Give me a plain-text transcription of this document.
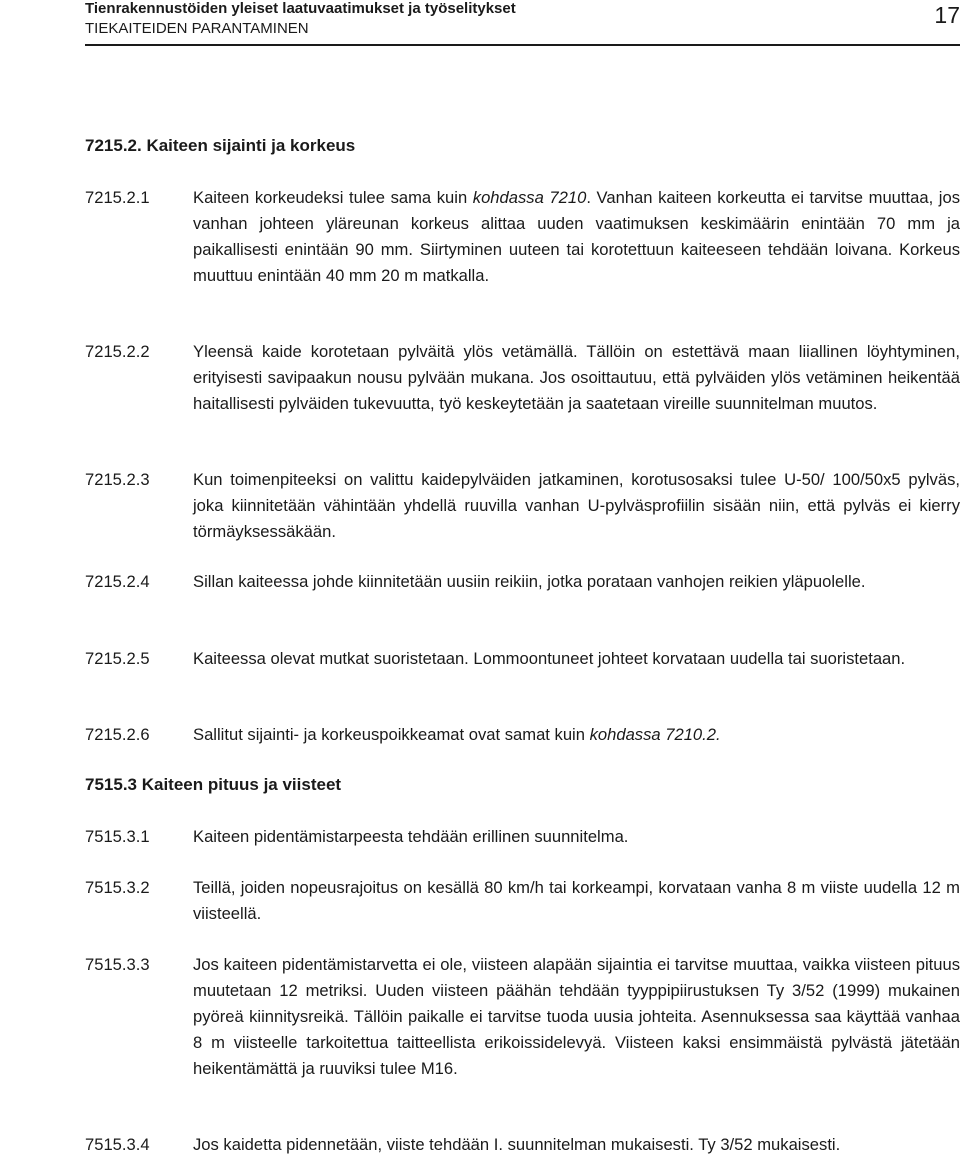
Tienrakennustöiden yleiset laatuvaatimukset ja työselitykset
TIEKAITEIDEN PARANTAMINEN
17
7215.2. Kaiteen sijainti ja korkeus
7215.2.1	Kaiteen korkeudeksi tulee sama kuin kohdassa 7210. Vanhan kaiteen korkeutta ei tarvitse muuttaa, jos vanhan johteen yläreunan korkeus alittaa uuden vaatimuksen keskimäärin enintään 70 mm ja paikallisesti enintään 90 mm. Siirtyminen uuteen tai korotettuun kaiteeseen tehdään loivana. Korkeus muuttuu enintään 40 mm 20 m matkalla.
7215.2.2	Yleensä kaide korotetaan pylväitä ylös vetämällä. Tällöin on estettävä maan liiallinen löyhtyminen, erityisesti savipaakun nousu pylvään mukana. Jos osoittautuu, että pylväiden ylös vetäminen heikentää haitallisesti pylväiden tukevuutta, työ keskeytetään ja saatetaan vireille suunnitelman muutos.
7215.2.3	Kun toimenpiteeksi on valittu kaidepylväiden jatkaminen, korotusosaksi tulee U-50/ 100/50x5 pylväs, joka kiinnitetään vähintään yhdellä ruuvilla vanhan U-pylväsprofiilin sisään niin, että pylväs ei kierry törmäyksessäkään.
7215.2.4	Sillan kaiteessa johde kiinnitetään uusiin reikiin, jotka porataan vanhojen reikien yläpuolelle.
7215.2.5	Kaiteessa olevat mutkat suoristetaan. Lommoontuneet johteet korvataan uudella tai suoristetaan.
7215.2.6	Sallitut sijainti- ja korkeuspoikkeamat ovat samat kuin kohdassa 7210.2.
7515.3 Kaiteen pituus ja viisteet
7515.3.1	Kaiteen pidentämistarpeesta tehdään erillinen suunnitelma.
7515.3.2	Teillä, joiden nopeusrajoitus on kesällä 80 km/h tai korkeampi, korvataan vanha 8 m viiste uudella 12 m viisteellä.
7515.3.3	Jos kaiteen pidentämistarvetta ei ole, viisteen alapään sijaintia ei tarvitse muuttaa, vaikka viisteen pituus muutetaan 12 metriksi. Uuden viisteen päähän tehdään tyyppipiirustuksen Ty 3/52 (1999) mukainen pyöreä kiinnitysreikä. Tällöin paikalle ei tarvitse tuoda uusia johteita. Asennuksessa saa käyttää vanhaa 8 m viisteelle tarkoitettua taitteellista erikoissidelevyä. Viisteen kaksi ensimmäistä pylvästä jätetään heikentämättä ja ruuviksi tulee M16.
7515.3.4	Jos kaidetta pidennetään, viiste tehdään I. suunnitelman mukaisesti. Ty 3/52 mukaisesti.
